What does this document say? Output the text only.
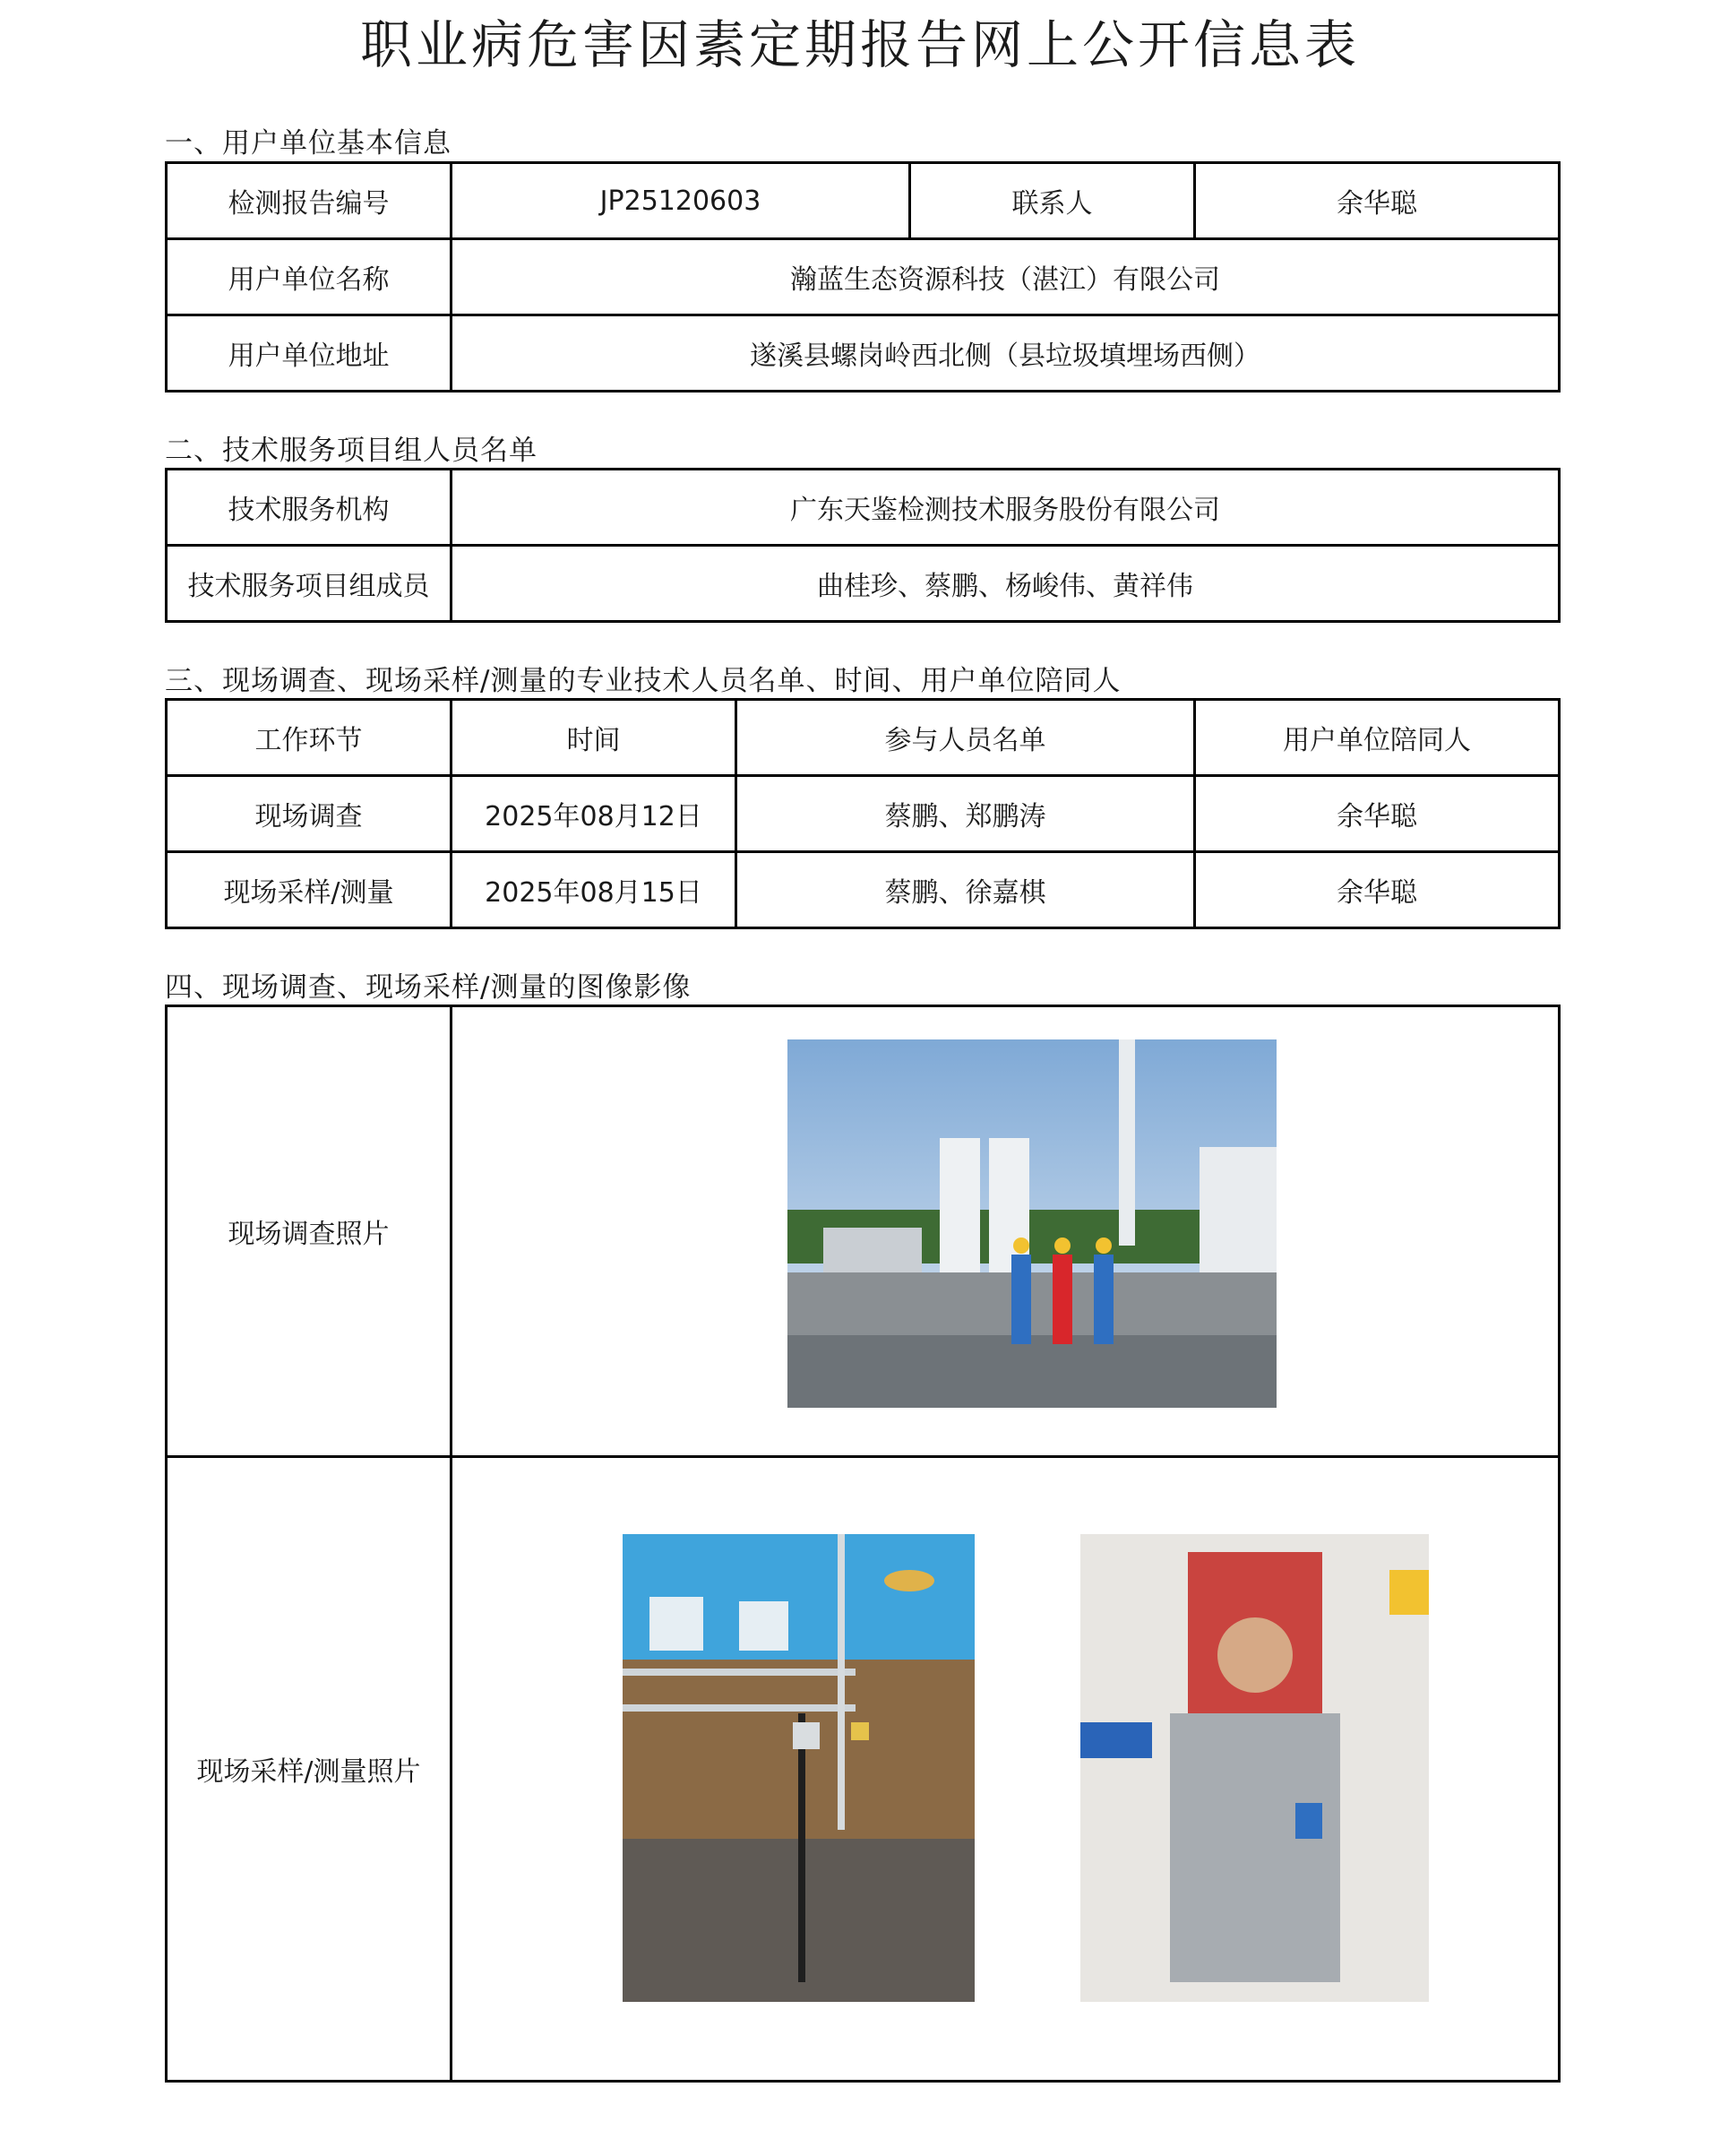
职业病危害因素定期报告网上公开信息表
一、用户单位基本信息
检测报告编号	JP25120603	联系人	余华聪
用户单位名称	瀚蓝生态资源科技（湛江）有限公司		
用户单位地址	遂溪县螺岗岭西北侧（县垃圾填埋场西侧）		
二、技术服务项目组人员名单
技术服务机构	广东天鉴检测技术服务股份有限公司
技术服务项目组成员	曲桂珍、蔡鹏、杨峻伟、黄祥伟
三、现场调查、现场采样/测量的专业技术人员名单、时间、用户单位陪同人
工作环节	时间	参与人员名单	用户单位陪同人
现场调查	2025年08月12日	蔡鹏、郑鹏涛	余华聪
现场采样/测量	2025年08月15日	蔡鹏、徐嘉棋	余华聪
四、现场调查、现场采样/测量的图像影像
现场调查照片	

现场采样/测量照片	
